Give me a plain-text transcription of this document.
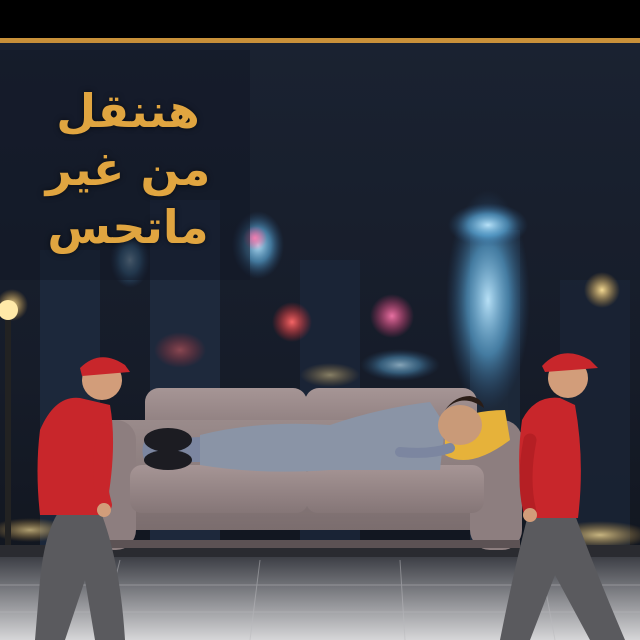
هننقل
من غير
ماتحس
